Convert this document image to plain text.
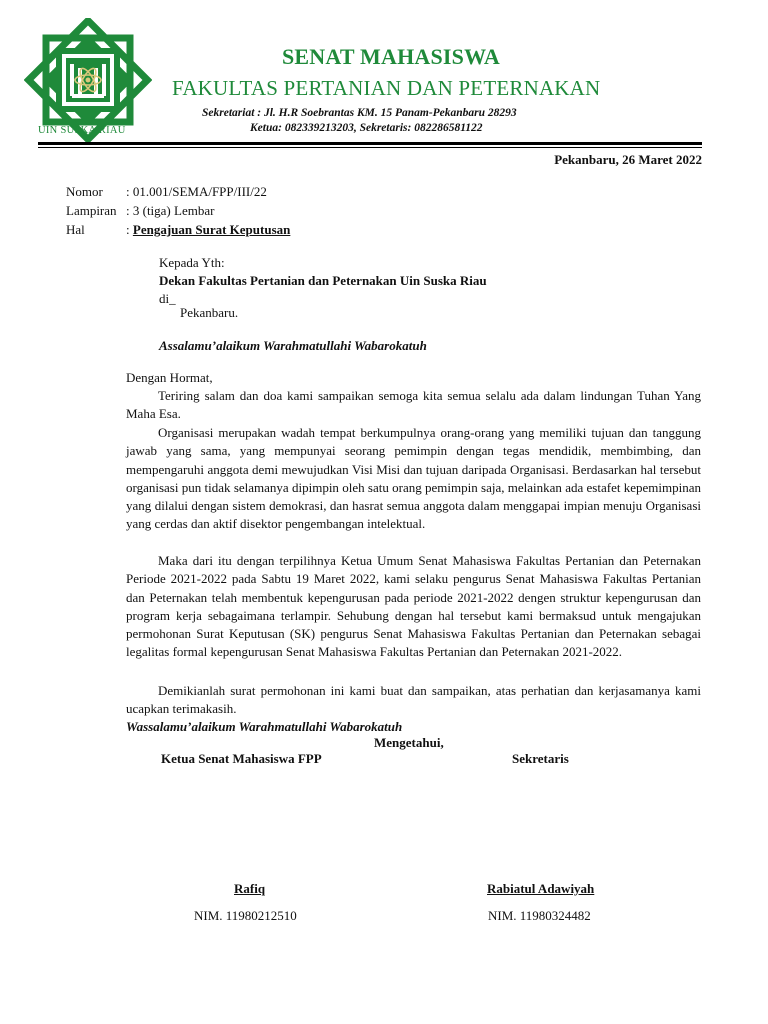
UIN SUSKA RIAU
SENAT MAHASISWA
FAKULTAS PERTANIAN DAN PETERNAKAN
Sekretariat : Jl. H.R Soebrantas KM. 15 Panam-Pekanbaru 28293
Ketua: 082339213203, Sekretaris: 082286581122
Pekanbaru, 26 Maret 2022
Nomor : 01.001/SEMA/FPP/III/22
Lampiran : 3 (tiga) Lembar
Hal	: Pengajuan Surat Keputusan
Kepada Yth:
Dekan Fakultas Pertanian dan Peternakan Uin Suska Riau
di_
Pekanbaru.
Assalamu’alaikum Warahmatullahi Wabarokatuh
Dengan Hormat,
Teriring salam dan doa kami sampaikan semoga kita semua selalu ada dalam lindungan Tuhan Yang Maha Esa.
Organisasi merupakan wadah tempat berkumpulnya orang-orang yang memiliki tujuan dan tanggung jawab yang sama, yang mempunyai seorang pemimpin dengan tegas mendidik, membimbing, dan mempengaruhi anggota demi mewujudkan Visi Misi dan tujuan daripada Organisasi. Berdasarkan hal tersebut organisasi pun tidak selamanya dipimpin oleh satu orang pemimpin saja, melainkan ada estafet kepemimpinan yang dilalui dengan sistem demokrasi, dan hasrat semua anggota dalam menggapai impian menuju Organisasi yang cerdas dan aktif disektor pengembangan intelektual.
Maka dari itu dengan terpilihnya Ketua Umum Senat Mahasiswa Fakultas Pertanian dan Peternakan Periode 2021-2022 pada Sabtu 19 Maret 2022, kami selaku pengurus Senat Mahasiswa Fakultas Pertanian dan Peternakan telah membentuk kepengurusan pada periode 2021-2022 dengen struktur kepengurusan dan program kerja sebagaimana terlampir. Sehubung dengan hal tersebut kami bermaksud untuk mengajukan permohonan Surat Keputusan (SK) pengurus Senat Mahasiswa Fakultas Pertanian dan Peternakan sebagai legalitas formal kepengurusan Senat Mahasiswa Fakultas Pertanian dan Peternakan 2021-2022.
Demikianlah surat permohonan ini kami buat dan sampaikan, atas perhatian dan kerjasamanya kami ucapkan terimakasih.
Wassalamu’alaikum Warahmatullahi Wabarokatuh
Mengetahui,
Ketua Senat Mahasiswa FPP	Sekretaris
Rafiq	Rabiatul Adawiyah
NIM. 11980212510	NIM. 11980324482
